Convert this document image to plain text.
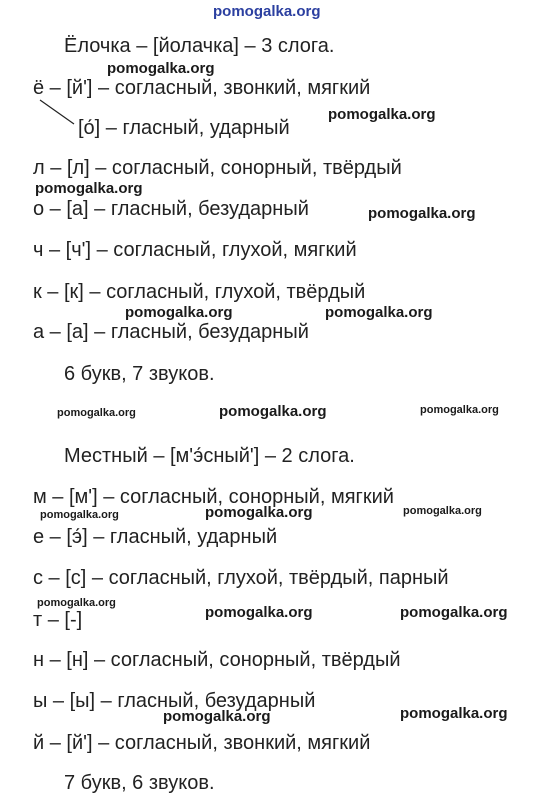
Ёлочка – [йолачка] – 3 слога.
ё – [й'] – согласный, звонкий, мягкий
[о́] – гласный, ударный
л – [л] – согласный, сонорный, твёрдый
о – [а] – гласный, безударный
ч – [ч'] – согласный, глухой, мягкий
к – [к] – согласный, глухой, твёрдый
а – [а] – гласный, безударный
6 букв, 7 звуков.
Местный – [м'э́сный'] – 2 слога.
м – [м'] – согласный, сонорный, мягкий
е – [э́] – гласный, ударный
с – [с] – согласный, глухой, твёрдый, парный
т – [-]
н – [н] – согласный, сонорный, твёрдый
ы – [ы] – гласный, безударный
й – [й'] – согласный, звонкий, мягкий
7 букв, 6 звуков.
pomogalka.org
pomogalka.org
pomogalka.org
pomogalka.org
pomogalka.org
pomogalka.org	pomogalka.org
pomogalka.org	pomogalka.org	pomogalka.org
pomogalka.org	pomogalka.org	pomogalka.org
pomogalka.org
pomogalka.org	pomogalka.org
pomogalka.org	pomogalka.org
